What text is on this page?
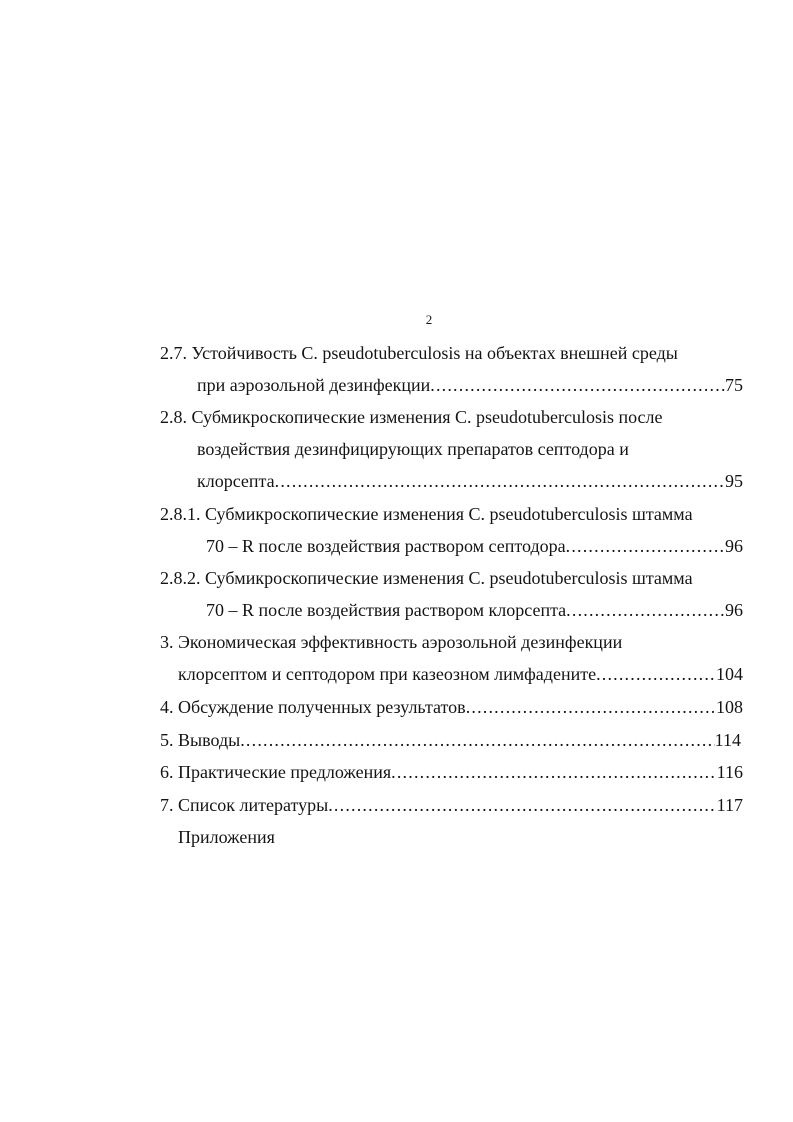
2
2.7. Устойчивость С. pseudotuberculosis на объектах внешней среды
при аэрозольной дезинфекции .....	75
2.8. Субмикроскопические изменения С. pseudotuberculosis после
воздействия дезинфицирующих препаратов септодора и
клорсепта .....	95
2.8.1. Субмикроскопические изменения С. pseudotuberculosis штамма
70 – R после воздействия раствором септодора .....	96
2.8.2. Субмикроскопические изменения С. pseudotuberculosis штамма
70 – R после воздействия раствором клорсепта .....	96
3. Экономическая эффективность аэрозольной дезинфекции
клорсептом и септодором при казеозном лимфадените .....	104
4. Обсуждение полученных результатов .....	108
5. Выводы .....	114
6. Практические предложения .....	116
7. Список литературы .....	117
Приложения
